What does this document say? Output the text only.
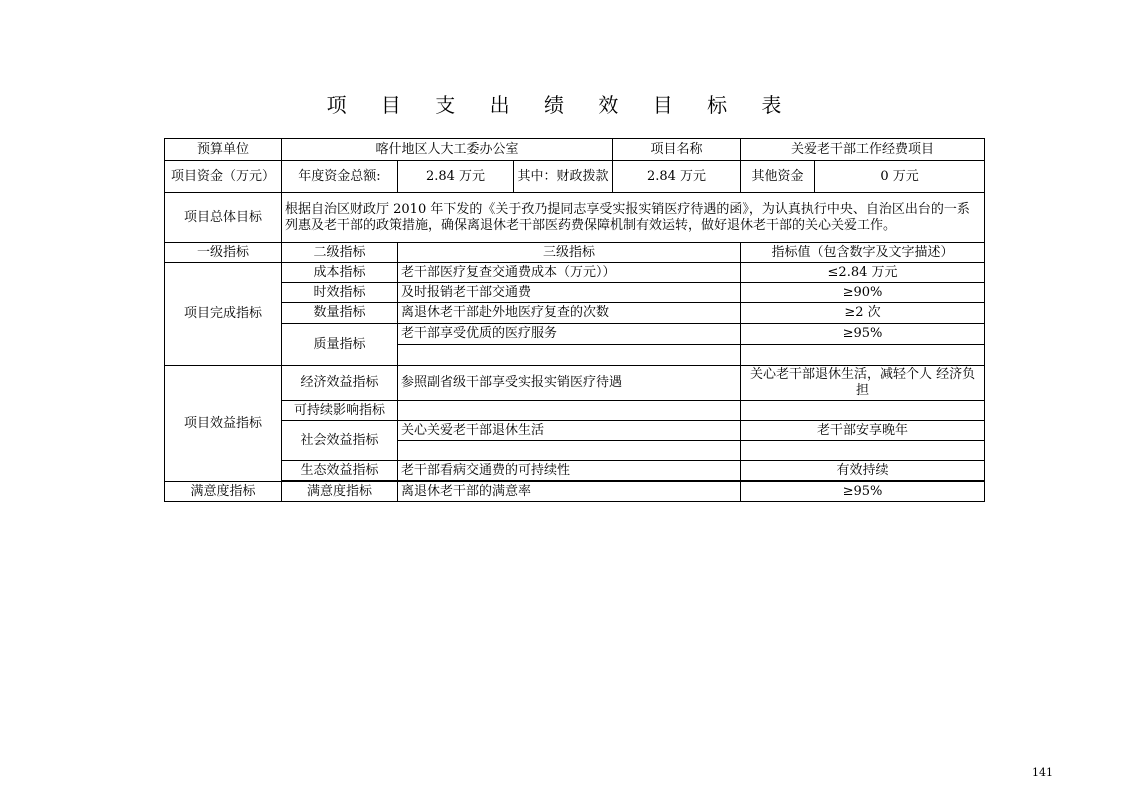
项 目 支 出 绩 效 目 标 表
预算单位	喀什地区人大工委办公室			项目名称	关爱老干部工作经费项目	
项目资金（万元）	年度资金总额:	2.84 万元	其中：财政拨款	2.84 万元	其他资金	0 万元
项目总体目标	根据自治区财政厅 2010 年下发的《关于孜乃提同志享受实报实销医疗待遇的函》，为认真执行中央、自治区出台的一系列惠及老干部的政策措施，确保离退休老干部医药费保障机制有效运转，做好退休老干部的关心关爱工作。					
一级指标	二级指标	三级指标			指标值（包含数字及文字描述）	
项目完成指标	成本指标	老干部医疗复查交通费成本（万元））			≤2.84 万元	
	时效指标	及时报销老干部交通费			≥90%	
	数量指标	离退休老干部赴外地医疗复查的次数			≥2 次	
	质量指标	老干部享受优质的医疗服务			≥95%	

项目效益指标	经济效益指标	参照副省级干部享受实报实销医疗待遇			关心老干部退休生活，减轻个人 经济负担	
	可持续影响指标					
	社会效益指标	关心关爱老干部退休生活			老干部安享晚年	

	生态效益指标	老干部看病交通费的可持续性			有效持续	

满意度指标	满意度指标	离退休老干部的满意率			≥95%	
141
